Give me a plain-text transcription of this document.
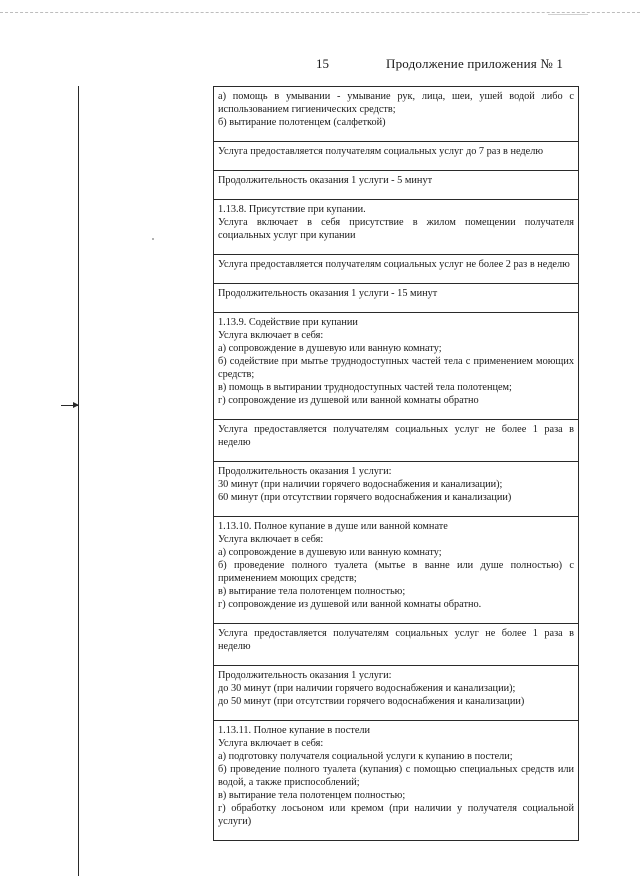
15	Продолжение приложения № 1
а) помощь в умывании - умывание рук, лица, шеи, ушей водой либо с использованием гигиенических средств;
б) вытирание полотенцем (салфеткой)
Услуга предоставляется получателям социальных услуг до 7 раз в неделю
Продолжительность оказания 1 услуги - 5 минут
1.13.8. Присутствие при купании.
Услуга включает в себя присутствие в жилом помещении получателя социальных услуг при купании
Услуга предоставляется получателям социальных услуг не более 2 раз в неделю
Продолжительность оказания 1 услуги - 15 минут
1.13.9. Содействие при купании
Услуга включает в себя:
а) сопровождение в душевую или ванную комнату;
б) содействие при мытье труднодоступных частей тела с применением моющих средств;
в) помощь в вытирании труднодоступных частей тела полотенцем;
г) сопровождение из душевой или ванной комнаты обратно
Услуга предоставляется получателям социальных услуг не более 1 раза в неделю
Продолжительность оказания 1 услуги:
30 минут (при наличии горячего водоснабжения и канализации);
60 минут (при отсутствии горячего водоснабжения и канализации)
1.13.10. Полное купание в душе или ванной комнате
Услуга включает в себя:
а) сопровождение в душевую или ванную комнату;
б) проведение полного туалета (мытье в ванне или душе полностью) с применением моющих средств;
в) вытирание тела полотенцем полностью;
г) сопровождение из душевой или ванной комнаты обратно.
Услуга предоставляется получателям социальных услуг не более 1 раза в неделю
Продолжительность оказания 1 услуги:
до 30 минут (при наличии горячего водоснабжения и канализации);
до 50 минут (при отсутствии горячего водоснабжения и канализации)
1.13.11. Полное купание в постели
Услуга включает в себя:
а) подготовку получателя социальной услуги к купанию в постели;
б) проведение полного туалета (купания) с помощью специальных средств или водой, а также приспособлений;
в) вытирание тела полотенцем полностью;
г) обработку лосьоном или кремом (при наличии у получателя социальной услуги)
